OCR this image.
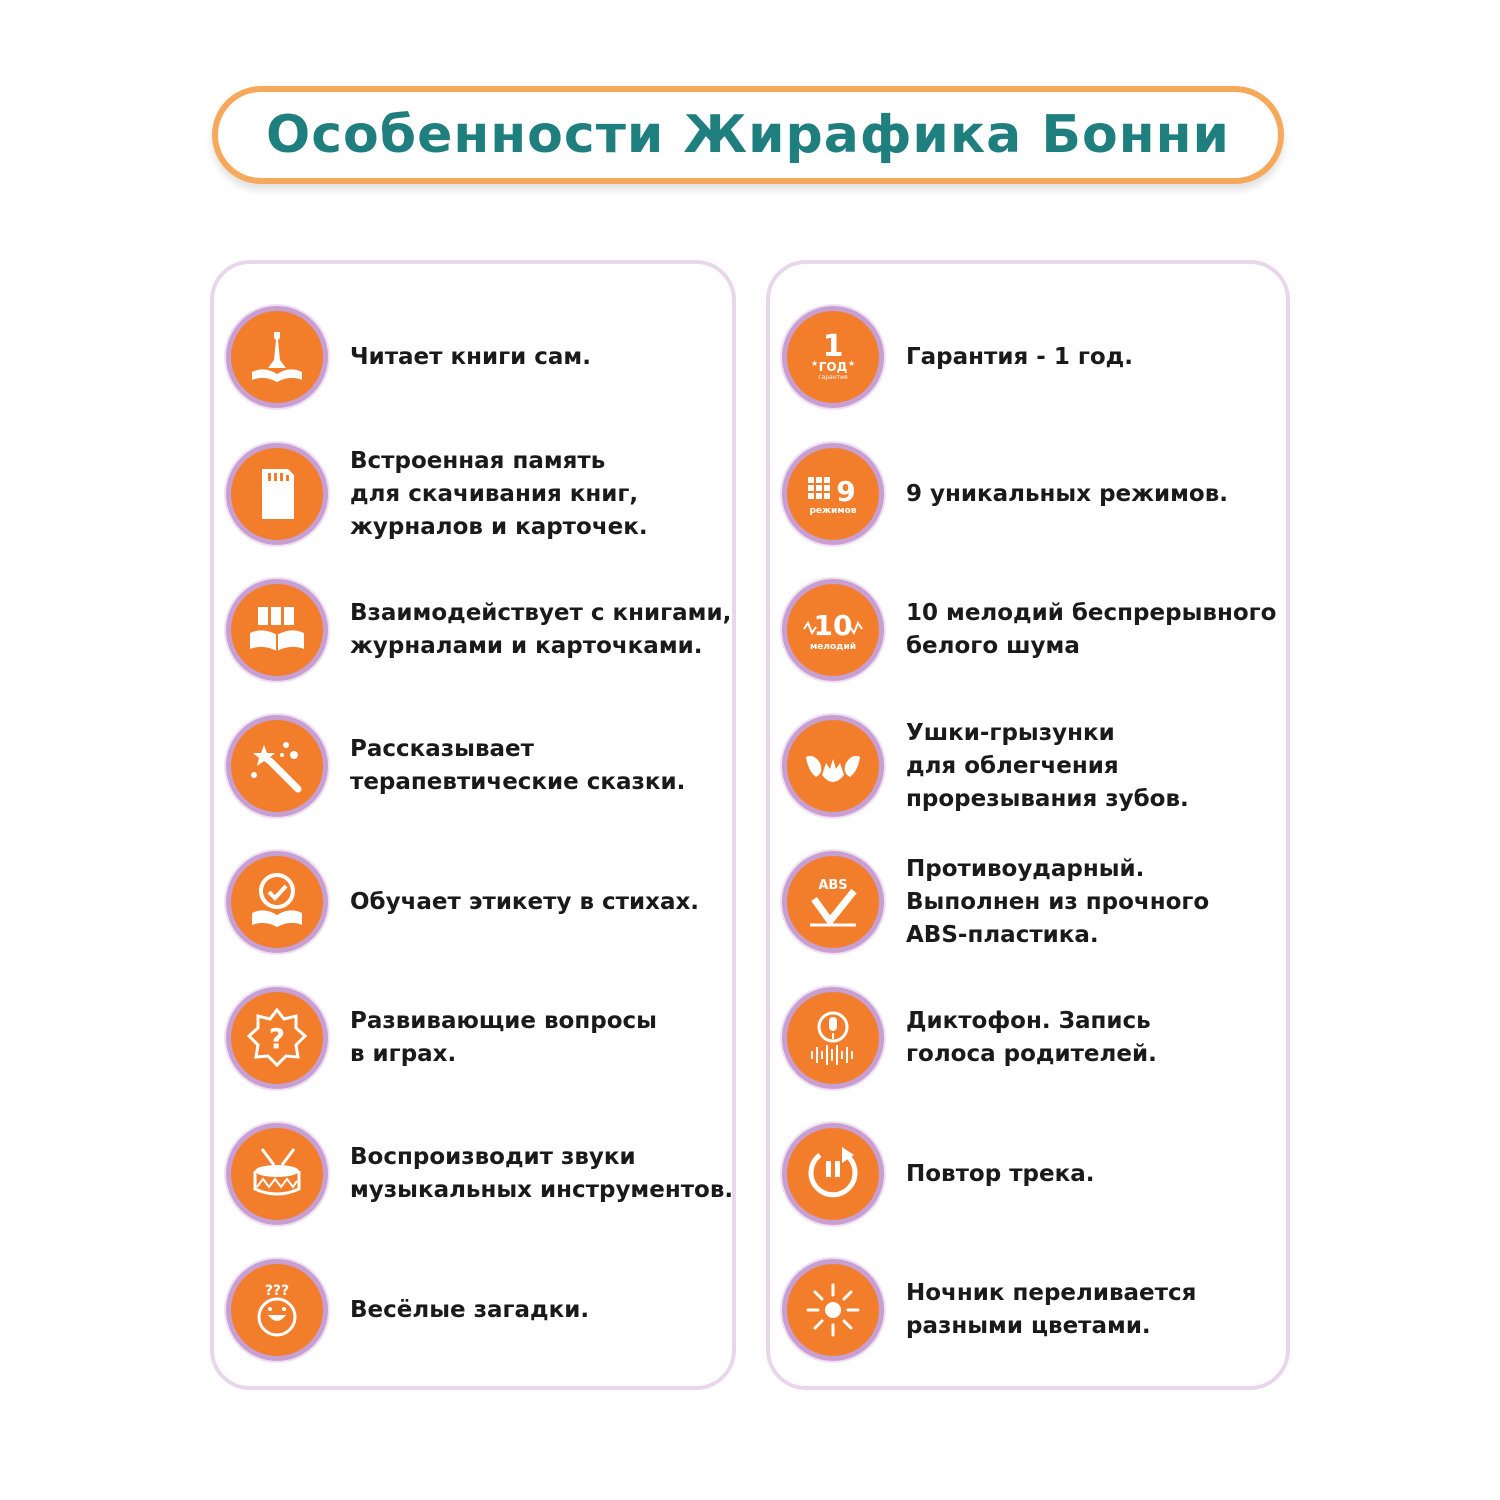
Особенности Жирафика Бонни
Читает книги сам.
Встроенная память
для скачивания книг,
журналов и карточек.
Взаимодействует с книгами,
журналами и карточками.
Рассказывает
терапевтические сказки.
Обучает этикету в стихах.
?
Развивающие вопросы
в играх.
Воспроизводит звуки
музыкальных инструментов.
???
Весёлые загадки.
1
ГОД
гарантия
★	★ Гарантия - 1 год.
9
режимов
9 уникальных режимов.
10
мелодий
10 мелодий беспрерывного
белого шума
Ушки-грызунки
для облегчения
прорезывания зубов.
ABS
Противоударный.
Выполнен из прочного
ABS-пластика.
Диктофон. Запись
голоса родителей.
Повтор трека.
Ночник переливается
разными цветами.
